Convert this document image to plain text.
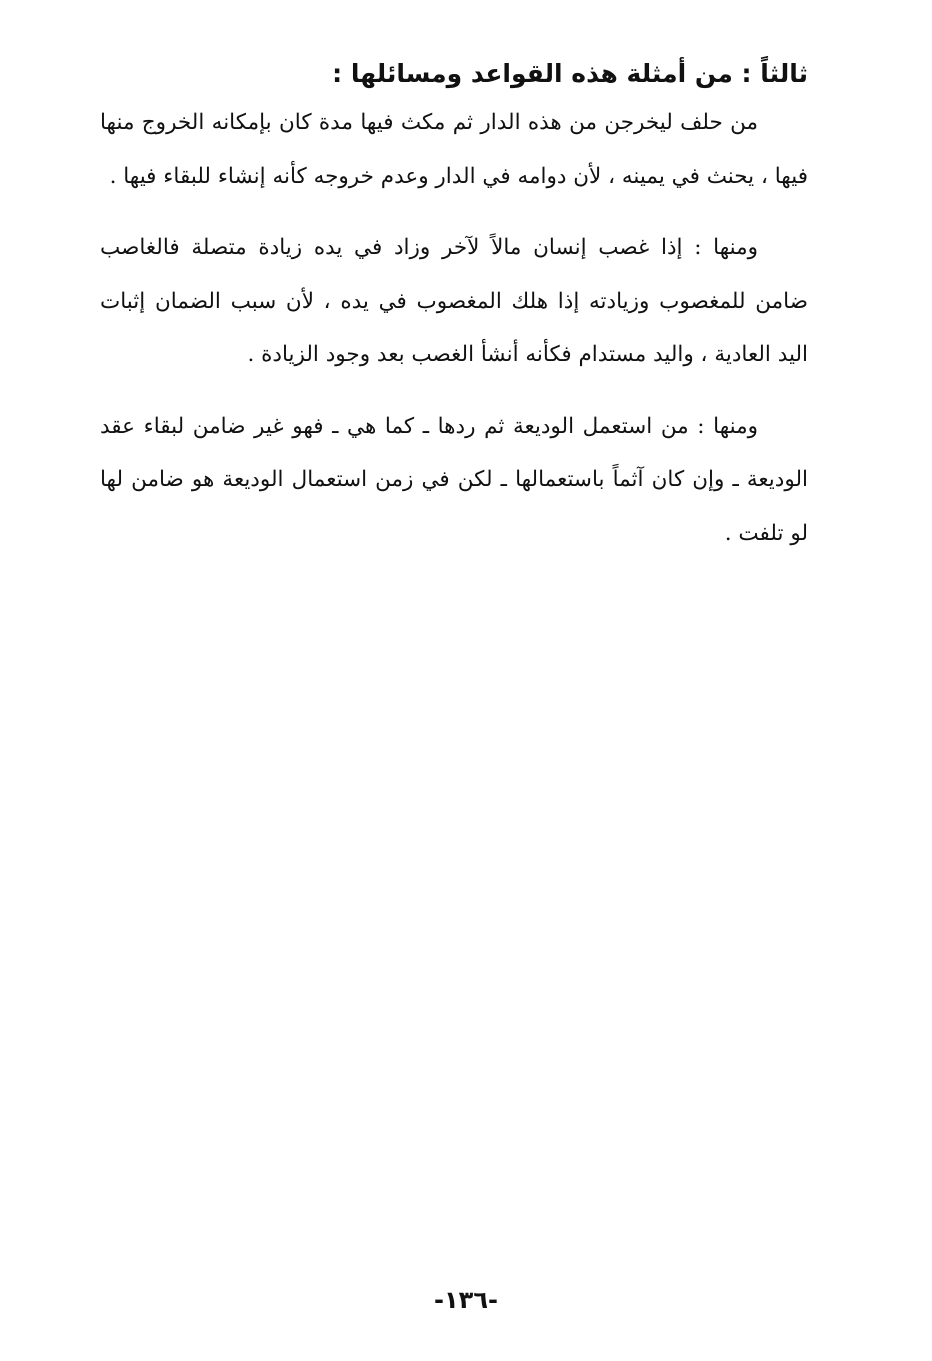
ثالثاً : من أمثلة هذه القواعد ومسائلها :

من حلف ليخرجن من هذه الدار ثم مكث فيها مدة كان بإمكانه الخروج منها فيها ، يحنث في يمينه ، لأن دوامه في الدار وعدم خروجه كأنه إنشاء للبقاء فيها .

ومنها : إذا غصب إنسان مالاً لآخر وزاد في يده زيادة متصلة فالغاصب ضامن للمغصوب وزيادته إذا هلك المغصوب في يده ، لأن سبب الضمان إثبات اليد العادية ، واليد مستدام فكأنه أنشأ الغصب بعد وجود الزيادة .

ومنها : من استعمل الوديعة ثم ردها ـ كما هي ـ فهو غير ضامن لبقاء عقد الوديعة ـ وإن كان آثماً باستعمالها ـ لكن في زمن استعمال الوديعة هو ضامن لها لو تلفت .

-١٣٦-
